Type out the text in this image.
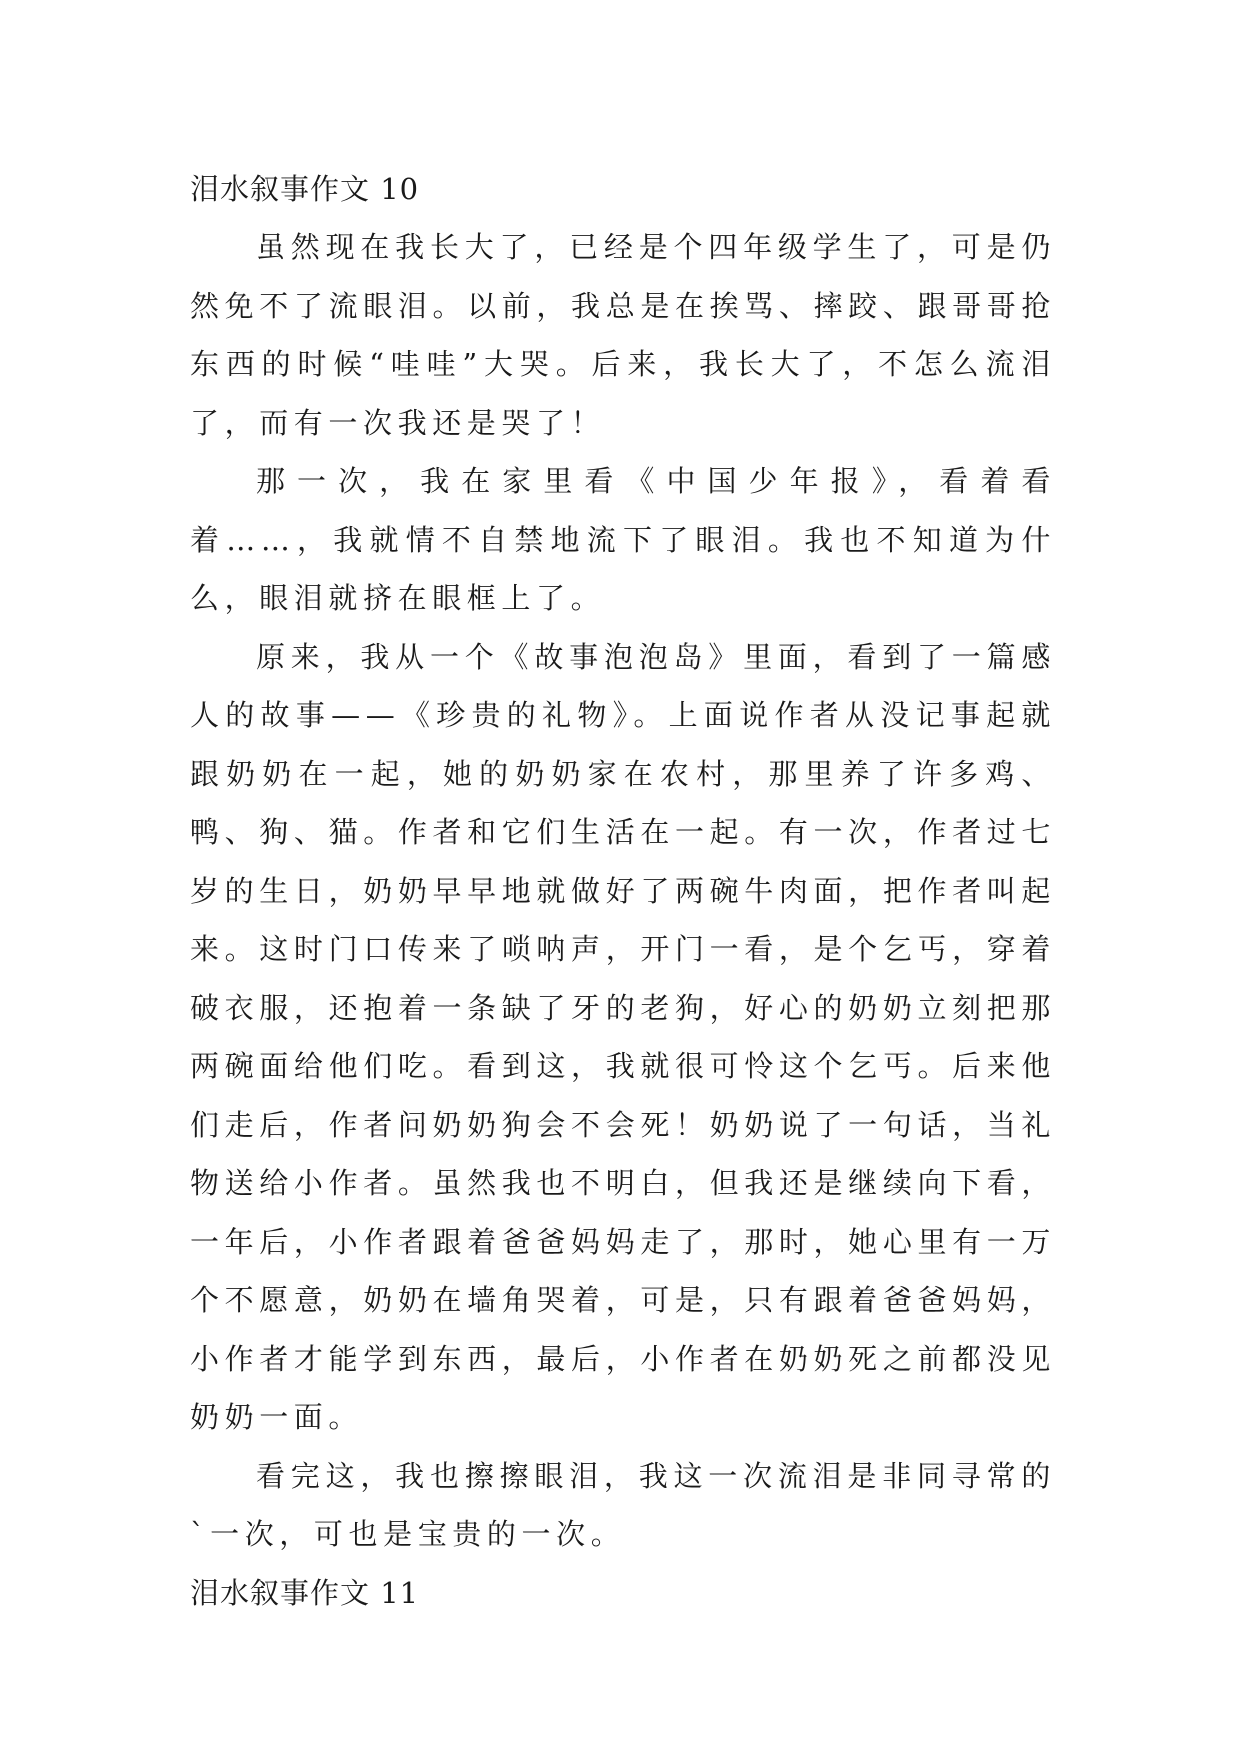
泪水叙事作文 10

虽然现在我长大了，已经是个四年级学生了，可是仍然免不了流眼泪。以前，我总是在挨骂、摔跤、跟哥哥抢东西的时候“哇哇”大哭。后来，我长大了，不怎么流泪了，而有一次我还是哭了！

那一次，我在家里看《中国少年报》，看着看着……，我就情不自禁地流下了眼泪。我也不知道为什么，眼泪就挤在眼框上了。

原来，我从一个《故事泡泡岛》里面，看到了一篇感人的故事——《珍贵的礼物》。上面说作者从没记事起就跟奶奶在一起，她的奶奶家在农村，那里养了许多鸡、鸭、狗、猫。作者和它们生活在一起。有一次，作者过七岁的生日，奶奶早早地就做好了两碗牛肉面，把作者叫起来。这时门口传来了唢呐声，开门一看，是个乞丐，穿着破衣服，还抱着一条缺了牙的老狗，好心的奶奶立刻把那两碗面给他们吃。看到这，我就很可怜这个乞丐。后来他们走后，作者问奶奶狗会不会死！奶奶说了一句话，当礼物送给小作者。虽然我也不明白，但我还是继续向下看，一年后，小作者跟着爸爸妈妈走了，那时，她心里有一万个不愿意，奶奶在墙角哭着，可是，只有跟着爸爸妈妈，小作者才能学到东西，最后，小作者在奶奶死之前都没见奶奶一面。

看完这，我也擦擦眼泪，我这一次流泪是非同寻常的`一次，可也是宝贵的一次。

泪水叙事作文 11
